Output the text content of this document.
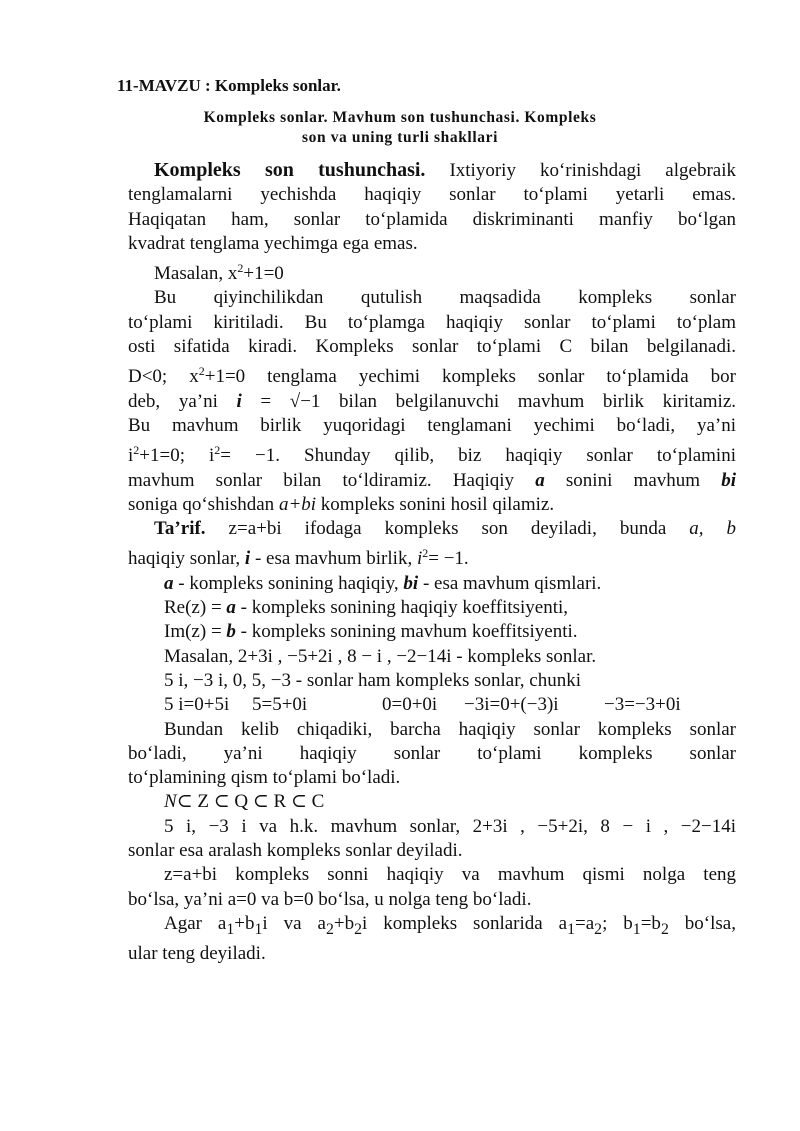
11-MAVZU : Kompleks sonlar.
Kompleks sonlar. Mavhum son tushunchasi. Kompleks
son va uning turli shakllari

Kompleks son tushunchasi. Ixtiyoriy ko‘rinishdagi algebraik

tenglamalarni yechishda haqiqiy sonlar to‘plami yetarli emas.

Haqiqatan ham, sonlar to‘plamida diskriminanti manfiy bo‘lgan

kvadrat tenglama yechimga ega emas.

Masalan, $x^2+1=0$

Bu qiyinchilikdan qutulish maqsadida kompleks sonlar

to‘plami kiritiladi. Bu to‘plamga haqiqiy sonlar to‘plami to‘plam

osti sifatida kiradi. Kompleks sonlar to‘plami C bilan belgilanadi.

D<0; $x^2+1=0$ tenglama yechimi kompleks sonlar to‘plamida bor

deb, ya’ni i = √−1 bilan belgilanuvchi mavhum birlik kiritamiz.

Bu mavhum birlik yuqoridagi tenglamani yechimi bo‘ladi, ya’ni

$i^2+1=0$; $i^2= -1$. Shunday qilib, biz haqiqiy sonlar to‘plamini

mavhum sonlar bilan to‘ldiramiz. Haqiqiy a sonini mavhum bi

soniga qo‘shishdan a+bi kompleks sonini hosil qilamiz.

Ta’rif. z=a+bi ifodaga kompleks son deyiladi, bunda a, b

haqiqiy sonlar, i - esa mavhum birlik, $i^2= -1$.

a - kompleks sonining haqiqiy, bi - esa mavhum qismlari.

Re(z) = a - kompleks sonining haqiqiy koeffitsiyenti,

Im(z) = b - kompleks sonining mavhum koeffitsiyenti.

Masalan, 2+3i , −5+2i , 8 − i , −2−14i - kompleks sonlar.

5 i, −3 i, 0, 5, −3 - sonlar ham kompleks sonlar, chunki

5 i=0+5i	5=5+0i	0=0+0i	−3i=0+(−3)i	−3=−3+0i

Bundan kelib chiqadiki, barcha haqiqiy sonlar kompleks sonlar

bo‘ladi, ya’ni haqiqiy sonlar to‘plami kompleks sonlar

to‘plamining qism to‘plami bo‘ladi.

N⊂ Z ⊂ Q ⊂ R ⊂ C

5 i, −3 i va h.k. mavhum sonlar, 2+3i , −5+2i, 8 − i , −2−14i

sonlar esa aralash kompleks sonlar deyiladi.

z=a+bi kompleks sonni haqiqiy va mavhum qismi nolga teng

bo‘lsa, ya’ni a=0 va b=0 bo‘lsa, u nolga teng bo‘ladi.

Agar $a_1+b_1i$ va $a_2+b_2i$ kompleks sonlarida $a_1=a_2$; $b_1=b_2$ bo‘lsa,

ular teng deyiladi.
